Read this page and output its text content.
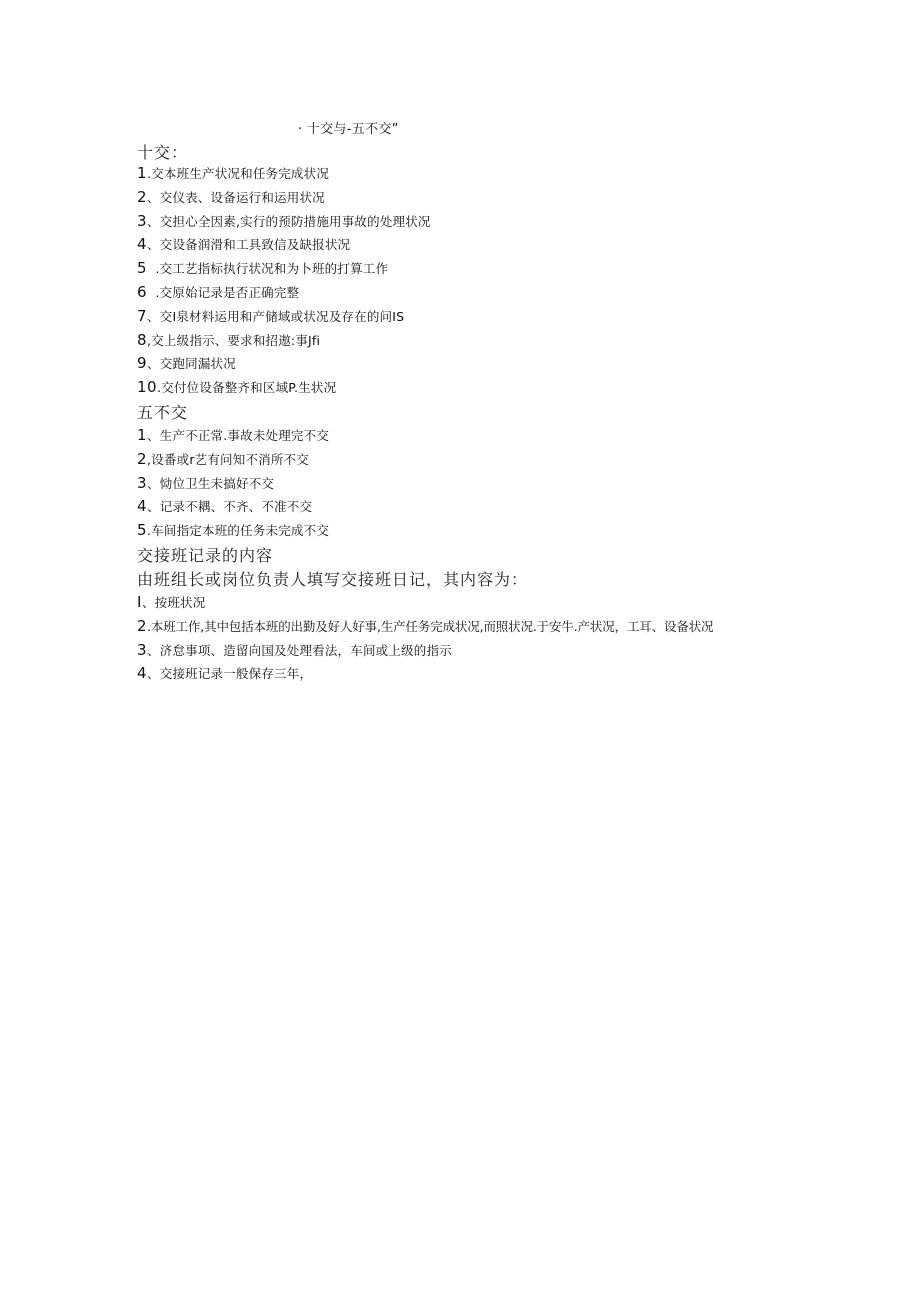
· 十交与-五不交”
十交：
1.交本班生产状况和任务完成状况
2、交仪表、设备运行和运用状况
3、交担心全因素,实行的预防措施用事故的处理状况
4、交设备润滑和工具致信及缺报状况
5  .交工艺指标执行状况和为卜班的打算工作
6  .交原始记录是否正确完整
7、交I泉材料运用和产储域或状况及存在的问IS
8,交上级指示、要求和招遨:事Jfi
9、交跑同漏状况
10.交付位设备整齐和区域P.生状况
五不交
1、生产不正常.事故未处理完不交
2,设番或r艺有问知不消所不交
3、恸位卫生未搞好不交
4、记录不耦、不齐、不准不交
5.车间指定本班的任务未完成不交
交接班记录的内容
由班组长或岗位负责人填写交接班日记，其内容为：
I、按班状况
2.本班工作,其中包括本班的出勤及好人好事,生产任务完成状况,而照状况.于安牛.产状况，工耳、设备状况
3、济怠事项、造留向国及处理看法，车间或上级的指示
4、交接班记录一般保存三年，
